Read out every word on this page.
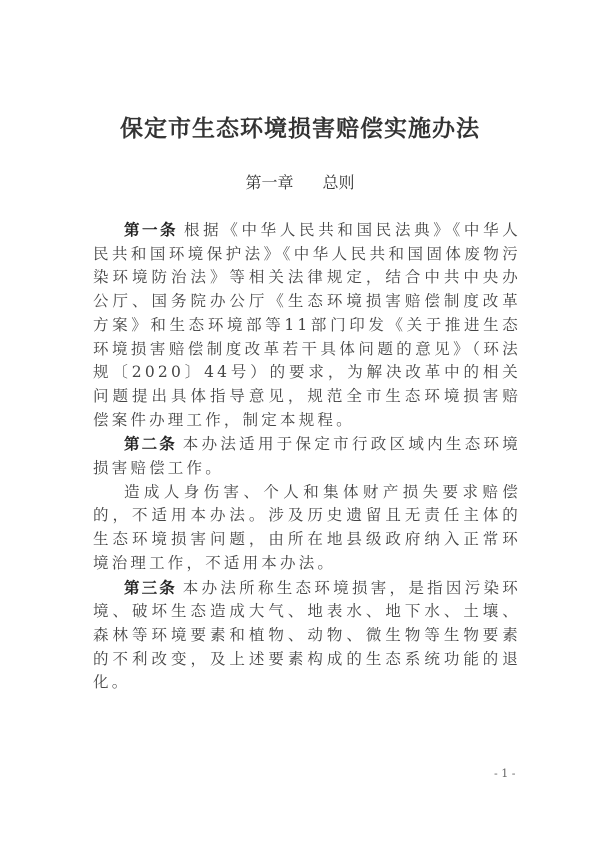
保定市生态环境损害赔偿实施办法
第一章 总则

第一条 根据《中华人民共和国民法典》《中华人民共和国环境保护法》《中华人民共和国固体废物污染环境防治法》等相关法律规定，结合中共中央办公厅、国务院办公厅《生态环境损害赔偿制度改革方案》和生态环境部等11部门印发《关于推进生态环境损害赔偿制度改革若干具体问题的意见》（环法规〔2020〕44号）的要求，为解决改革中的相关问题提出具体指导意见，规范全市生态环境损害赔偿案件办理工作，制定本规程。

第二条 本办法适用于保定市行政区域内生态环境损害赔偿工作。

造成人身伤害、个人和集体财产损失要求赔偿的，不适用本办法。涉及历史遗留且无责任主体的生态环境损害问题，由所在地县级政府纳入正常环境治理工作，不适用本办法。

第三条 本办法所称生态环境损害，是指因污染环境、破坏生态造成大气、地表水、地下水、土壤、森林等环境要素和植物、动物、微生物等生物要素的不利改变，及上述要素构成的生态系统功能的退化。

- 1 -
